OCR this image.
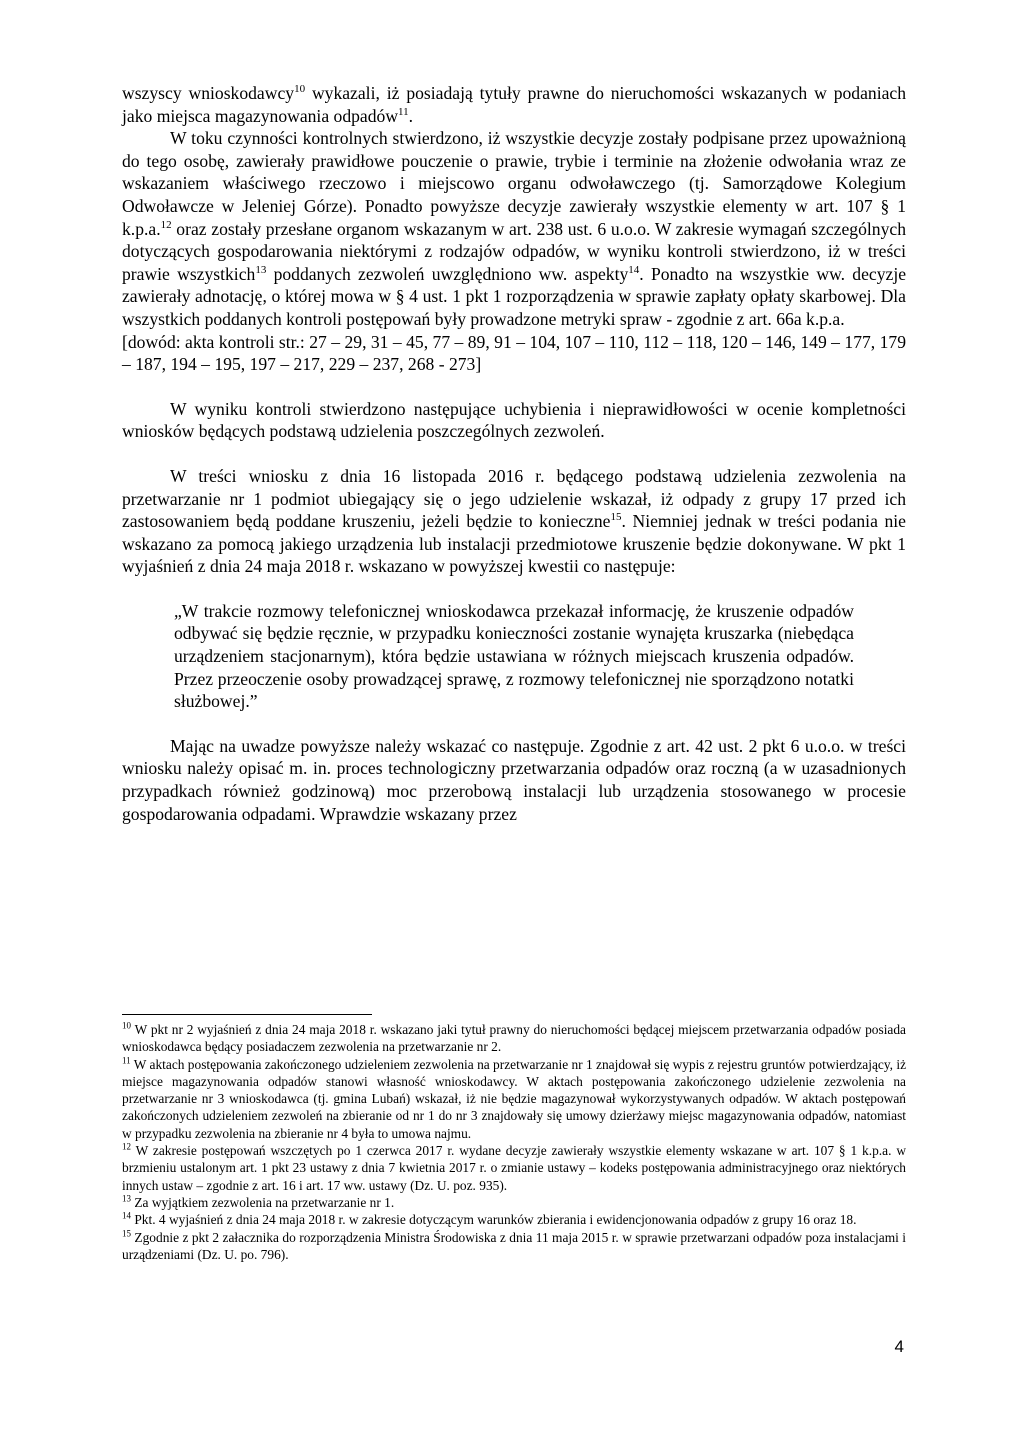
wszyscy wnioskodawcy$^{10}$ wykazali, iż posiadają tytuły prawne do nieruchomości wskazanych w podaniach jako miejsca magazynowania odpadów$^{11}$.

W toku czynności kontrolnych stwierdzono, iż wszystkie decyzje zostały podpisane przez upoważnioną do tego osobę, zawierały prawidłowe pouczenie o prawie, trybie i terminie na złożenie odwołania wraz ze wskazaniem właściwego rzeczowo i miejscowo organu odwoławczego (tj. Samorządowe Kolegium Odwoławcze w Jeleniej Górze). Ponadto powyższe decyzje zawierały wszystkie elementy w art. 107 § 1 k.p.a.$^{12}$ oraz zostały przesłane organom wskazanym w art. 238 ust. 6 u.o.o. W zakresie wymagań szczególnych dotyczących gospodarowania niektórymi z rodzajów odpadów, w wyniku kontroli stwierdzono, iż w treści prawie wszystkich$^{13}$ poddanych zezwoleń uwzględniono ww. aspekty$^{14}$. Ponadto na wszystkie ww. decyzje zawierały adnotację, o której mowa w § 4 ust. 1 pkt 1 rozporządzenia w sprawie zapłaty opłaty skarbowej. Dla wszystkich poddanych kontroli postępowań były prowadzone metryki spraw - zgodnie z art. 66a k.p.a.

[dowód: akta kontroli str.: 27 – 29, 31 – 45, 77 – 89, 91 – 104, 107 – 110, 112 – 118, 120 – 146, 149 – 177, 179 – 187, 194 – 195, 197 – 217, 229 – 237, 268 - 273]

W wyniku kontroli stwierdzono następujące uchybienia i nieprawidłowości w ocenie kompletności wniosków będących podstawą udzielenia poszczególnych zezwoleń.

W treści wniosku z dnia 16 listopada 2016 r. będącego podstawą udzielenia zezwolenia na przetwarzanie nr 1 podmiot ubiegający się o jego udzielenie wskazał, iż odpady z grupy 17 przed ich zastosowaniem będą poddane kruszeniu, jeżeli będzie to konieczne$^{15}$. Niemniej jednak w treści podania nie wskazano za pomocą jakiego urządzenia lub instalacji przedmiotowe kruszenie będzie dokonywane. W pkt 1 wyjaśnień z dnia 24 maja 2018 r. wskazano w powyższej kwestii co następuje:

„W trakcie rozmowy telefonicznej wnioskodawca przekazał informację, że kruszenie odpadów odbywać się będzie ręcznie, w przypadku konieczności zostanie wynajęta kruszarka (niebędąca urządzeniem stacjonarnym), która będzie ustawiana w różnych miejscach kruszenia odpadów. Przez przeoczenie osoby prowadzącej sprawę, z rozmowy telefonicznej nie sporządzono notatki służbowej.”

Mając na uwadze powyższe należy wskazać co następuje. Zgodnie z art. 42 ust. 2 pkt 6 u.o.o. w treści wniosku należy opisać m. in. proces technologiczny przetwarzania odpadów oraz roczną (a w uzasadnionych przypadkach również godzinową) moc przerobową instalacji lub urządzenia stosowanego w procesie gospodarowania odpadami. Wprawdzie wskazany przez

$^{10}$ W pkt nr 2 wyjaśnień z dnia 24 maja 2018 r. wskazano jaki tytuł prawny do nieruchomości będącej miejscem przetwarzania odpadów posiada wnioskodawca będący posiadaczem zezwolenia na przetwarzanie nr 2.

$^{11}$ W aktach postępowania zakończonego udzieleniem zezwolenia na przetwarzanie nr 1 znajdował się wypis z rejestru gruntów potwierdzający, iż miejsce magazynowania odpadów stanowi własność wnioskodawcy. W aktach postępowania zakończonego udzielenie zezwolenia na przetwarzanie nr 3 wnioskodawca (tj. gmina Lubań) wskazał, iż nie będzie magazynował wykorzystywanych odpadów. W aktach postępowań zakończonych udzieleniem zezwoleń na zbieranie od nr 1 do nr 3 znajdowały się umowy dzierżawy miejsc magazynowania odpadów, natomiast w przypadku zezwolenia na zbieranie nr 4 była to umowa najmu.

$^{12}$ W zakresie postępowań wszczętych po 1 czerwca 2017 r. wydane decyzje zawierały wszystkie elementy wskazane w art. 107 § 1 k.p.a. w brzmieniu ustalonym art. 1 pkt 23 ustawy z dnia 7 kwietnia 2017 r. o zmianie ustawy – kodeks postępowania administracyjnego oraz niektórych innych ustaw – zgodnie z art. 16 i art. 17 ww. ustawy (Dz. U. poz. 935).

$^{13}$ Za wyjątkiem zezwolenia na przetwarzanie nr 1.

$^{14}$ Pkt. 4 wyjaśnień z dnia 24 maja 2018 r. w zakresie dotyczącym warunków zbierania i ewidencjonowania odpadów z grupy 16 oraz 18.

$^{15}$ Zgodnie z pkt 2 załacznika do rozporządzenia Ministra Środowiska z dnia 11 maja 2015 r. w sprawie przetwarzani odpadów poza instalacjami i urządzeniami (Dz. U. po. 796).

4
